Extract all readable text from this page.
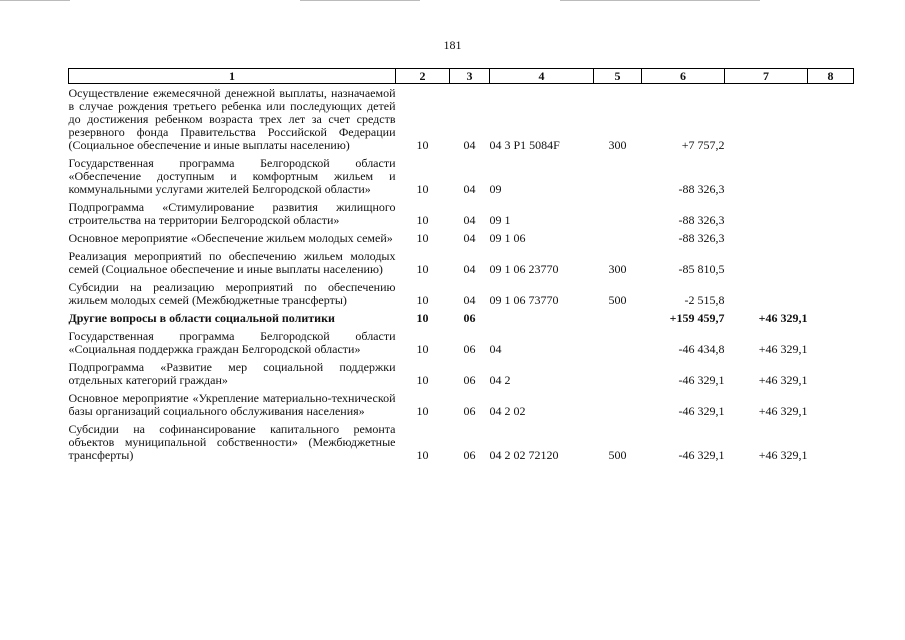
181
1	2	3	4	5	6	7	8
Осуществление ежемесячной денежной выплаты, назначаемой в случае рождения третьего ребенка или последующих детей до достижения ребенком возраста трех лет за счет средств резервного фонда Правительства Российской Федерации (Социальное обеспечение и иные выплаты населению)	10	04	04 3 P1 5084F	300	+7 757,2		
Государственная программа Белгородской области «Обеспечение доступным и комфортным жильем и коммунальными услугами жителей Белгородской области»	10	04	09		-88 326,3		
Подпрограмма «Стимулирование развития жилищного строительства на территории Белгородской области»	10	04	09 1		-88 326,3		
Основное мероприятие «Обеспечение жильем молодых семей»	10	04	09 1 06		-88 326,3		
Реализация мероприятий по обеспечению жильем молодых семей (Социальное обеспечение и иные выплаты населению)	10	04	09 1 06 23770	300	-85 810,5		
Субсидии на реализацию мероприятий по обеспечению жильем молодых семей (Межбюджетные трансферты)	10	04	09 1 06 73770	500	-2 515,8		
Другие вопросы в области социальной политики	10	06			+159 459,7	+46 329,1	
Государственная программа Белгородской области «Социальная поддержка граждан Белгородской области»	10	06	04		-46 434,8	+46 329,1	
Подпрограмма «Развитие мер социальной поддержки отдельных категорий граждан»	10	06	04 2		-46 329,1	+46 329,1	
Основное мероприятие «Укрепление материально-технической базы организаций социального обслуживания населения»	10	06	04 2 02		-46 329,1	+46 329,1	
Субсидии на софинансирование капитального ремонта объектов муниципальной собственности» (Межбюджетные трансферты)	10	06	04 2 02 72120	500	-46 329,1	+46 329,1	
